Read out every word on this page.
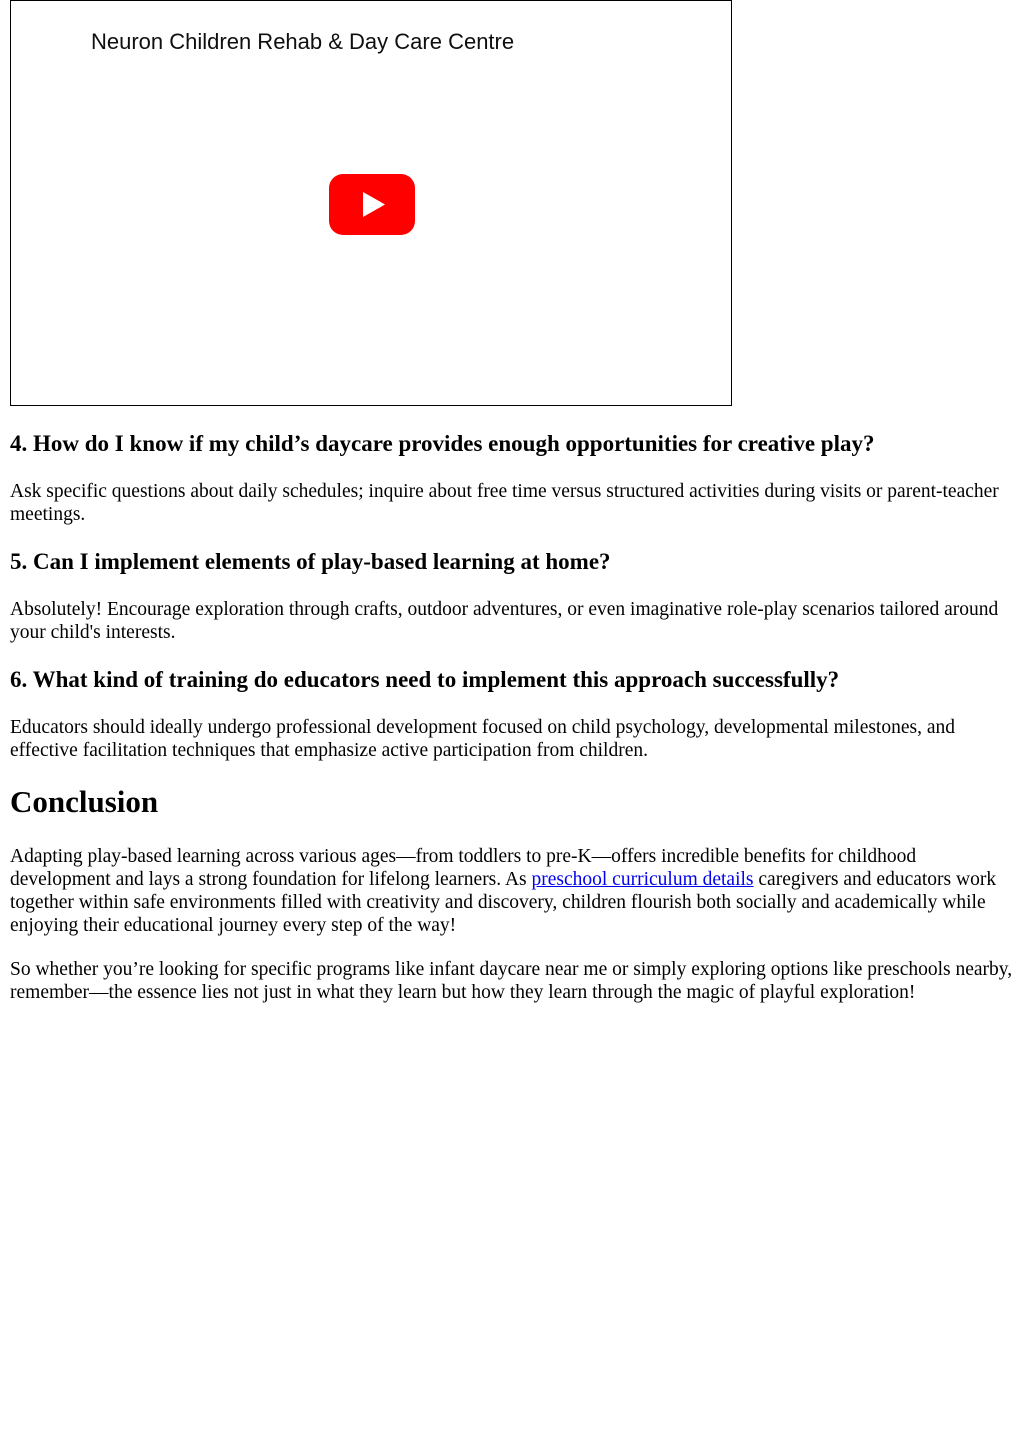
Neuron Children Rehab & Day Care Centre
4. How do I know if my child’s daycare provides enough opportunities for creative play?

Ask specific questions about daily schedules; inquire about free time versus structured activities during visits or parent-teacher meetings.

5. Can I implement elements of play-based learning at home?

Absolutely! Encourage exploration through crafts, outdoor adventures, or even imaginative role-play scenarios tailored around your child's interests.

6. What kind of training do educators need to implement this approach successfully?

Educators should ideally undergo professional development focused on child psychology, developmental milestones, and effective facilitation techniques that emphasize active participation from children.

Conclusion

Adapting play-based learning across various ages—from toddlers to pre-K—offers incredible benefits for childhood development and lays a strong foundation for lifelong learners. As preschool curriculum details caregivers and educators work together within safe environments filled with creativity and discovery, children flourish both socially and academically while enjoying their educational journey every step of the way!

So whether you’re looking for specific programs like infant daycare near me or simply exploring options like preschools nearby, remember—the essence lies not just in what they learn but how they learn through the magic of playful exploration!
